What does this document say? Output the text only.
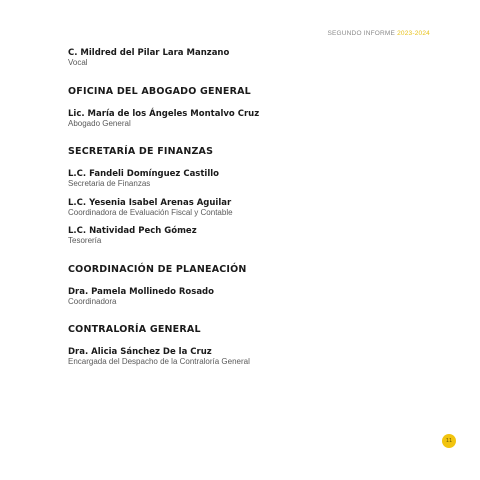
SEGUNDO INFORME 2023-2024
C. Mildred del Pilar Lara Manzano
Vocal
OFICINA DEL ABOGADO GENERAL
Lic. María de los Ángeles Montalvo Cruz
Abogado General
SECRETARÍA DE FINANZAS
L.C. Fandeli Domínguez Castillo
Secretaria de Finanzas
L.C. Yesenia Isabel Arenas Aguilar
Coordinadora de Evaluación Fiscal y Contable
L.C. Natividad Pech Gómez
Tesorería
COORDINACIÓN DE PLANEACIÓN
Dra. Pamela Mollinedo Rosado
Coordinadora
CONTRALORÍA GENERAL
Dra. Alicia Sánchez De la Cruz
Encargada del Despacho de la Contraloría General
11
